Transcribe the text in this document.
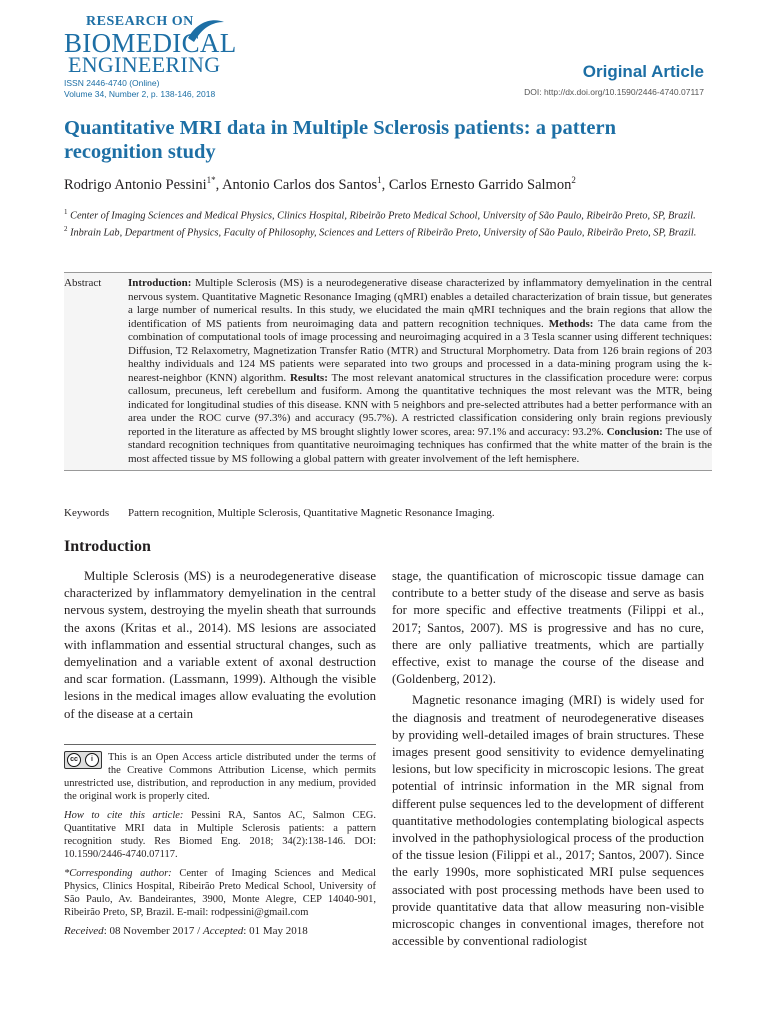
RESEARCH ON
BIOMEDICAL
ENGINEERING
ISSN 2446-4740 (Online)
Volume 34, Number 2, p. 138-146, 2018
Original Article
DOI: http://dx.doi.org/10.1590/2446-4740.07117
Quantitative MRI data in Multiple Sclerosis patients: a pattern recognition study
Rodrigo Antonio Pessini$^{1*}$, Antonio Carlos dos Santos$^1$, Carlos Ernesto Garrido Salmon$^2$
$^1$ Center of Imaging Sciences and Medical Physics, Clinics Hospital, Ribeirão Preto Medical School, University of São Paulo, Ribeirão Preto, SP, Brazil.
$^2$ Inbrain Lab, Department of Physics, Faculty of Philosophy, Sciences and Letters of Ribeirão Preto, University of São Paulo, Ribeirão Preto, SP, Brazil.
Abstract	Introduction: Multiple Sclerosis (MS) is a neurodegenerative disease characterized by inflammatory demyelination in the central nervous system. Quantitative Magnetic Resonance Imaging (qMRI) enables a detailed characterization of brain tissue, but generates a large number of numerical results. In this study, we elucidated the main qMRI techniques and the brain regions that allow the identification of MS patients from neuroimaging data and pattern recognition techniques. Methods: The data came from the combination of computational tools of image processing and neuroimaging acquired in a 3 Tesla scanner using different techniques: Diffusion, T2 Relaxometry, Magnetization Transfer Ratio (MTR) and Structural Morphometry. Data from 126 brain regions of 203 healthy individuals and 124 MS patients were separated into two groups and processed in a data-mining program using the k-nearest-neighbor (KNN) algorithm. Results: The most relevant anatomical structures in the classification procedure were: corpus callosum, precuneus, left cerebellum and fusiform. Among the quantitative techniques the most relevant was the MTR, being indicated for longitudinal studies of this disease. KNN with 5 neighbors and pre-selected attributes had a better performance with an area under the ROC curve (97.3%) and accuracy (95.7%). A restricted classification considering only brain regions previously reported in the literature as affected by MS brought slightly lower scores, area: 97.1% and accuracy: 93.2%. Conclusion: The use of standard recognition techniques from quantitative neuroimaging techniques has confirmed that the white matter of the brain is the most affected tissue by MS following a global pattern with greater involvement of the left hemisphere.
Keywords	Pattern recognition, Multiple Sclerosis, Quantitative Magnetic Resonance Imaging.
Introduction

Multiple Sclerosis (MS) is a neurodegenerative disease characterized by inflammatory demyelination in the central nervous system, destroying the myelin sheath that surrounds the axons (Kritas et al., 2014). MS lesions are associated with inflammation and essential structural changes, such as demyelination and a variable extent of axonal destruction and scar formation. (Lassmann, 1999). Although the visible lesions in the medical images allow evaluating the evolution of the disease at a certain

stage, the quantification of microscopic tissue damage can contribute to a better study of the disease and serve as basis for more specific and effective treatments (Filippi et al., 2017; Santos, 2007). MS is progressive and has no cure, there are only palliative treatments, which are partially effective, exist to manage the course of the disease and (Goldenberg, 2012).

Magnetic resonance imaging (MRI) is widely used for the diagnosis and treatment of neurodegenerative diseases by providing well-detailed images of brain structures. These images present good sensitivity to evidence demyelinating lesions, but low specificity in microscopic lesions. The great potential of intrinsic information in the MR signal from different pulse sequences led to the development of different quantitative methodologies contemplating biological aspects involved in the pathophysiological process of the production of the tissue lesion (Filippi et al., 2017; Santos, 2007). Since the early 1990s, more sophisticated MRI pulse sequences associated with post processing methods have been used to provide quantitative data that allow measuring non-visible microscopic changes in conventional images, therefore not accessible by conventional radiologist

cc	i	This is an Open Access article distributed under the terms of the Creative Commons Attribution License, which permits unrestricted use, distribution, and reproduction in any medium, provided the original work is properly cited.

How to cite this article: Pessini RA, Santos AC, Salmon CEG. Quantitative MRI data in Multiple Sclerosis patients: a pattern recognition study. Res Biomed Eng. 2018; 34(2):138-146. DOI: 10.1590/2446-4740.07117.

*Corresponding author: Center of Imaging Sciences and Medical Physics, Clinics Hospital, Ribeirão Preto Medical School, University of São Paulo, Av. Bandeirantes, 3900, Monte Alegre, CEP 14040-901, Ribeirão Preto, SP, Brazil. E-mail: rodpessini@gmail.com

Received: 08 November 2017 / Accepted: 01 May 2018
